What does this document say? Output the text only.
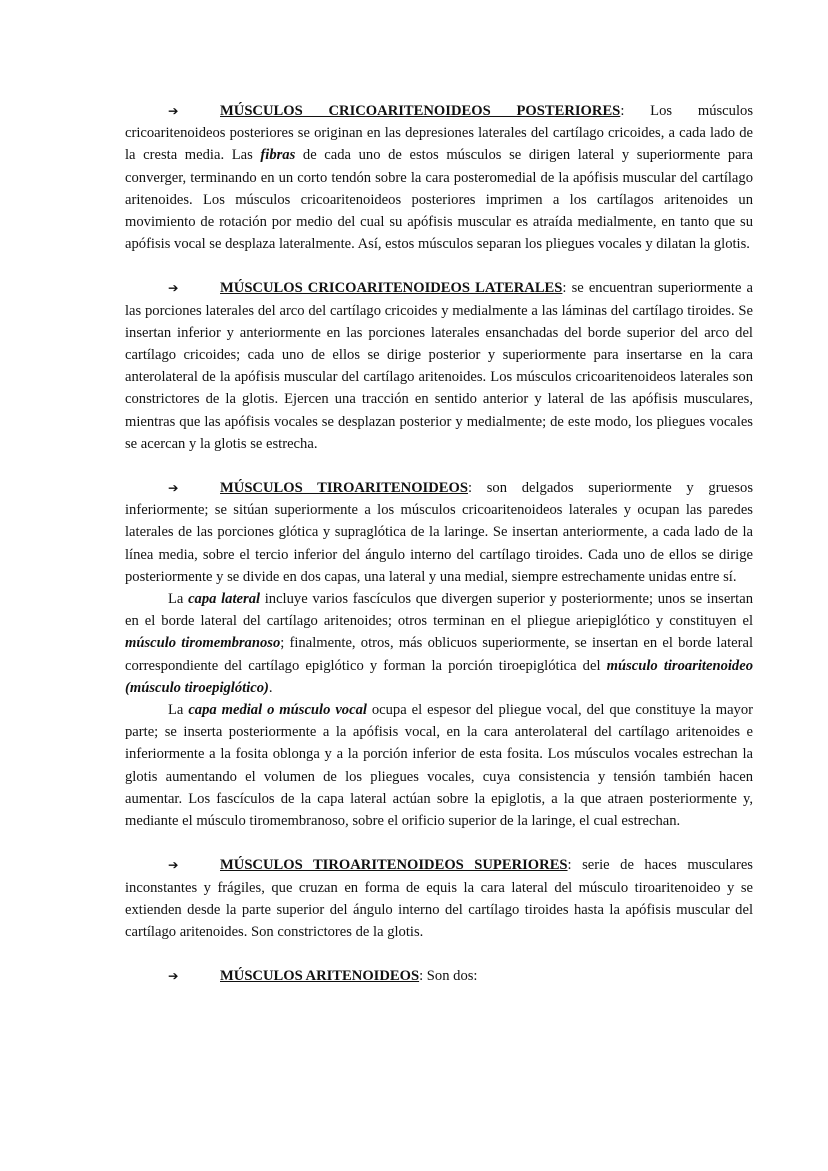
➔	MÚSCULOS CRICOARITENOIDEOS POSTERIORES: Los músculos cricoaritenoideos posteriores se originan en las depresiones laterales del cartílago cricoides, a cada lado de la cresta media. Las fibras de cada uno de estos músculos se dirigen lateral y superiormente para converger, terminando en un corto tendón sobre la cara posteromedial de la apófisis muscular del cartílago aritenoides. Los músculos cricoaritenoideos posteriores imprimen a los cartílagos aritenoides un movimiento de rotación por medio del cual su apófisis muscular es atraída medialmente, en tanto que su apófisis vocal se desplaza lateralmente. Así, estos músculos separan los pliegues vocales y dilatan la glotis.

➔	MÚSCULOS CRICOARITENOIDEOS LATERALES: se encuentran superiormente a las porciones laterales del arco del cartílago cricoides y medialmente a las láminas del cartílago tiroides. Se insertan inferior y anteriormente en las porciones laterales ensanchadas del borde superior del arco del cartílago cricoides; cada uno de ellos se dirige posterior y superiormente para insertarse en la cara anterolateral de la apófisis muscular del cartílago aritenoides. Los músculos cricoaritenoideos laterales son constrictores de la glotis. Ejercen una tracción en sentido anterior y lateral de las apófisis musculares, mientras que las apófisis vocales se desplazan posterior y medialmente; de este modo, los pliegues vocales se acercan y la glotis se estrecha.

➔	MÚSCULOS TIROARITENOIDEOS: son delgados superiormente y gruesos inferiormente; se sitúan superiormente a los músculos cricoaritenoideos laterales y ocupan las paredes laterales de las porciones glótica y supraglótica de la laringe. Se insertan anteriormente, a cada lado de la línea media, sobre el tercio inferior del ángulo interno del cartílago tiroides. Cada uno de ellos se dirige posteriormente y se divide en dos capas, una lateral y una medial, siempre estrechamente unidas entre sí.

La capa lateral incluye varios fascículos que divergen superior y posteriormente; unos se insertan en el borde lateral del cartílago aritenoides; otros terminan en el pliegue ariepiglótico y constituyen el músculo tiromembranoso; finalmente, otros, más oblicuos superiormente, se insertan en el borde lateral correspondiente del cartílago epiglótico y forman la porción tiroepiglótica del músculo tiroaritenoideo (músculo tiroepiglótico).

La capa medial o músculo vocal ocupa el espesor del pliegue vocal, del que constituye la mayor parte; se inserta posteriormente a la apófisis vocal, en la cara anterolateral del cartílago aritenoides e inferiormente a la fosita oblonga y a la porción inferior de esta fosita. Los músculos vocales estrechan la glotis aumentando el volumen de los pliegues vocales, cuya consistencia y tensión también hacen aumentar. Los fascículos de la capa lateral actúan sobre la epiglotis, a la que atraen posteriormente y, mediante el músculo tiromembranoso, sobre el orificio superior de la laringe, el cual estrechan.

➔	MÚSCULOS TIROARITENOIDEOS SUPERIORES: serie de haces musculares inconstantes y frágiles, que cruzan en forma de equis la cara lateral del músculo tiroaritenoideo y se extienden desde la parte superior del ángulo interno del cartílago tiroides hasta la apófisis muscular del cartílago aritenoides. Son constrictores de la glotis.

➔	MÚSCULOS ARITENOIDEOS: Son dos:
